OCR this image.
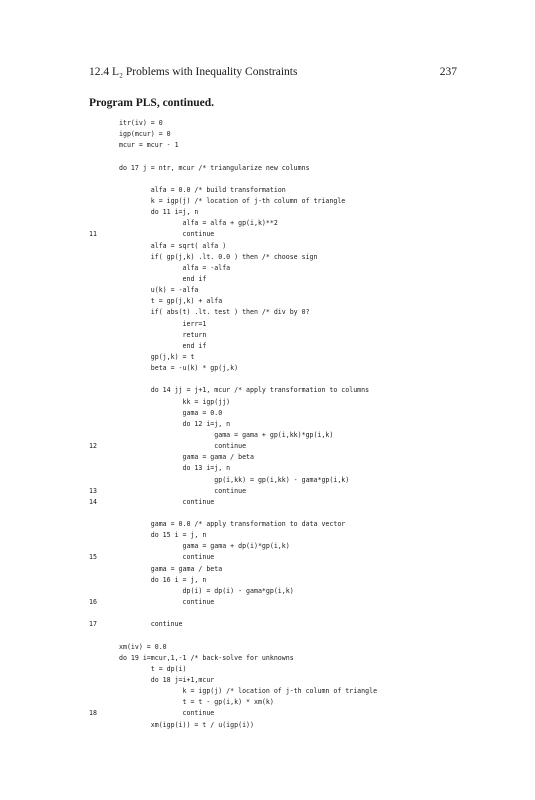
12.4 L₂ Problems with Inequality Constraints	237
Program PLS, continued.
itr(iv) = 0
igp(mcur) = 0
mcur = mcur - 1
do 17 j = ntr, mcur /* triangularize new columns
alfa = 0.0 /* build transformation
k = igp(j) /* location of j-th column of triangle
do 11 i=j, n
alfa = alfa + gp(i,k)**2
11	continue
alfa = sqrt( alfa )
if( gp(j,k) .lt. 0.0 ) then /* choose sign
alfa = -alfa
end if
u(k) = -alfa
t = gp(j,k) + alfa
if( abs(t) .lt. test ) then /* div by 0?
ierr=1
return
end if
gp(j,k) = t
beta = -u(k) * gp(j,k)
do 14 jj = j+1, mcur /* apply transformation to columns
kk = igp(jj)
gama = 0.0
do 12 i=j, n
gama = gama + gp(i,kk)*gp(i,k)
12	continue
gama = gama / beta
do 13 i=j, n
gp(i,kk) = gp(i,kk) - gama*gp(i,k)
13	continue
14	continue
gama = 0.0 /* apply transformation to data vector
do 15 i = j, n
gama = gama + dp(i)*gp(i,k)
15	continue
gama = gama / beta
do 16 i = j, n
dp(i) = dp(i) - gama*gp(i,k)
16	continue
17	continue
xm(iv) = 0.0
do 19 i=mcur,1,-1 /* back-solve for unknowns
t = dp(i)
do 18 j=i+1,mcur
k = igp(j) /* location of j-th column of triangle
t = t - gp(i,k) * xm(k)
18	continue
xm(igp(i)) = t / u(igp(i))
